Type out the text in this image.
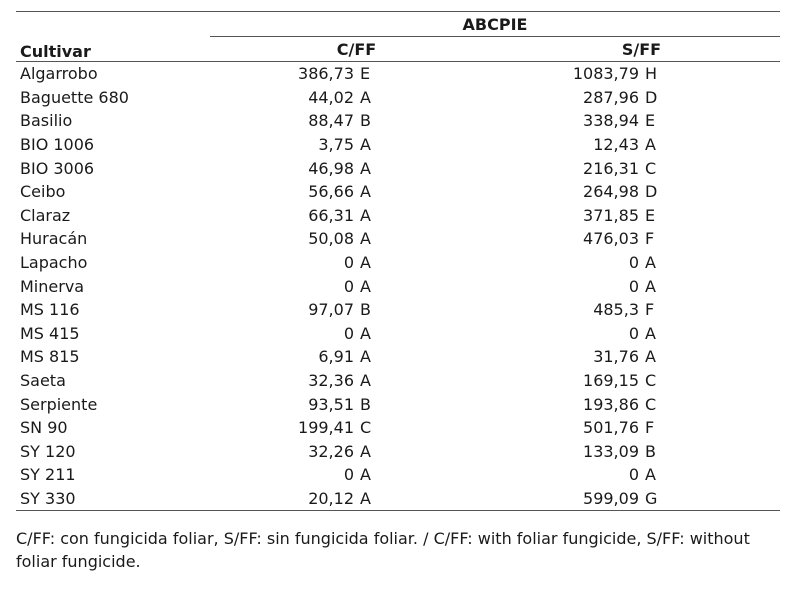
	ABCPIE			
Cultivar	C/FF		S/FF	
Algarrobo	386,73	E	1083,79	H
Baguette 680	44,02	A	287,96	D
Basilio	88,47	B	338,94	E
BIO 1006	3,75	A	12,43	A
BIO 3006	46,98	A	216,31	C
Ceibo	56,66	A	264,98	D
Claraz	66,31	A	371,85	E
Huracán	50,08	A	476,03	F
Lapacho	0	A	0	A
Minerva	0	A	0	A
MS 116	97,07	B	485,3	F
MS 415	0	A	0	A
MS 815	6,91	A	31,76	A
Saeta	32,36	A	169,15	C
Serpiente	93,51	B	193,86	C
SN 90	199,41	C	501,76	F
SY 120	32,26	A	133,09	B
SY 211	0	A	0	A
SY 330	20,12	A	599,09	G
C/FF: con fungicida foliar, S/FF: sin fungicida foliar. / C/FF: with foliar fungicide, S/FF: without foliar fungicide.
